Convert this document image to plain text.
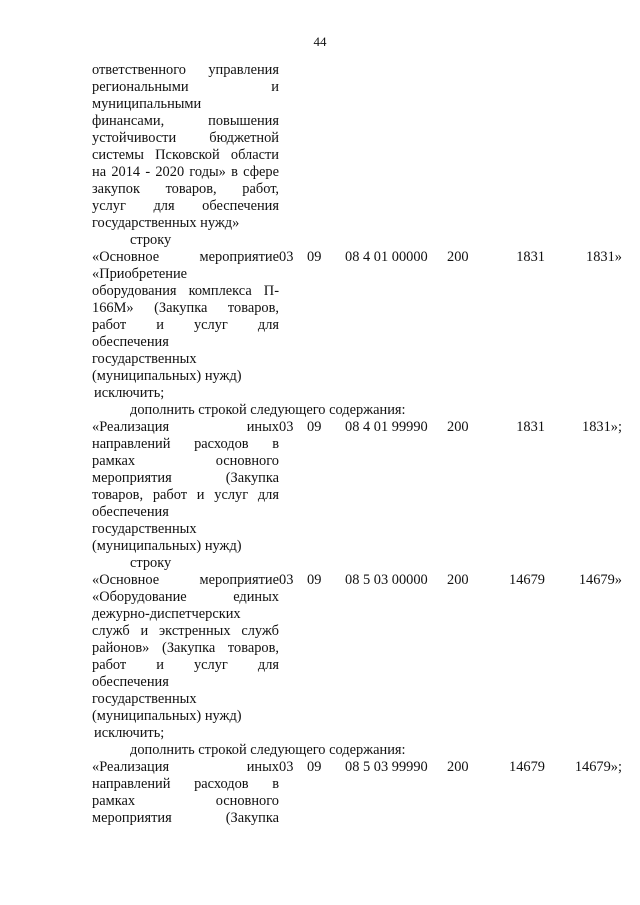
44
ответственного управления
региональными и
муниципальными
финансами, повышения
устойчивости бюджетной
системы Псковской области
на 2014 - 2020 годы» в сфере
закупок товаров, работ,
услуг для обеспечения
государственных нужд»
строку
«Основное мероприятие
«Приобретение
оборудования комплекса П-
166М» (Закупка товаров,
работ и услуг для
обеспечения
государственных
(муниципальных) нужд)
03 09	08 4 01 00000	200	1831	1831»
исключить;
дополнить строкой следующего содержания:
«Реализация иных
направлений расходов в
рамках основного
мероприятия (Закупка
товаров, работ и услуг для
обеспечения
государственных
(муниципальных) нужд)
03 09	08 4 01 99990	200	1831	1831»;
строку
«Основное мероприятие
«Оборудование единых
дежурно-диспетчерских
служб и экстренных служб
районов» (Закупка товаров,
работ и услуг для
обеспечения
государственных
(муниципальных) нужд)
03 09	08 5 03 00000	200	14679	14679»
исключить;
дополнить строкой следующего содержания:
«Реализация иных
направлений расходов в
рамках основного
мероприятия (Закупка
03 09	08 5 03 99990	200	14679	14679»;
